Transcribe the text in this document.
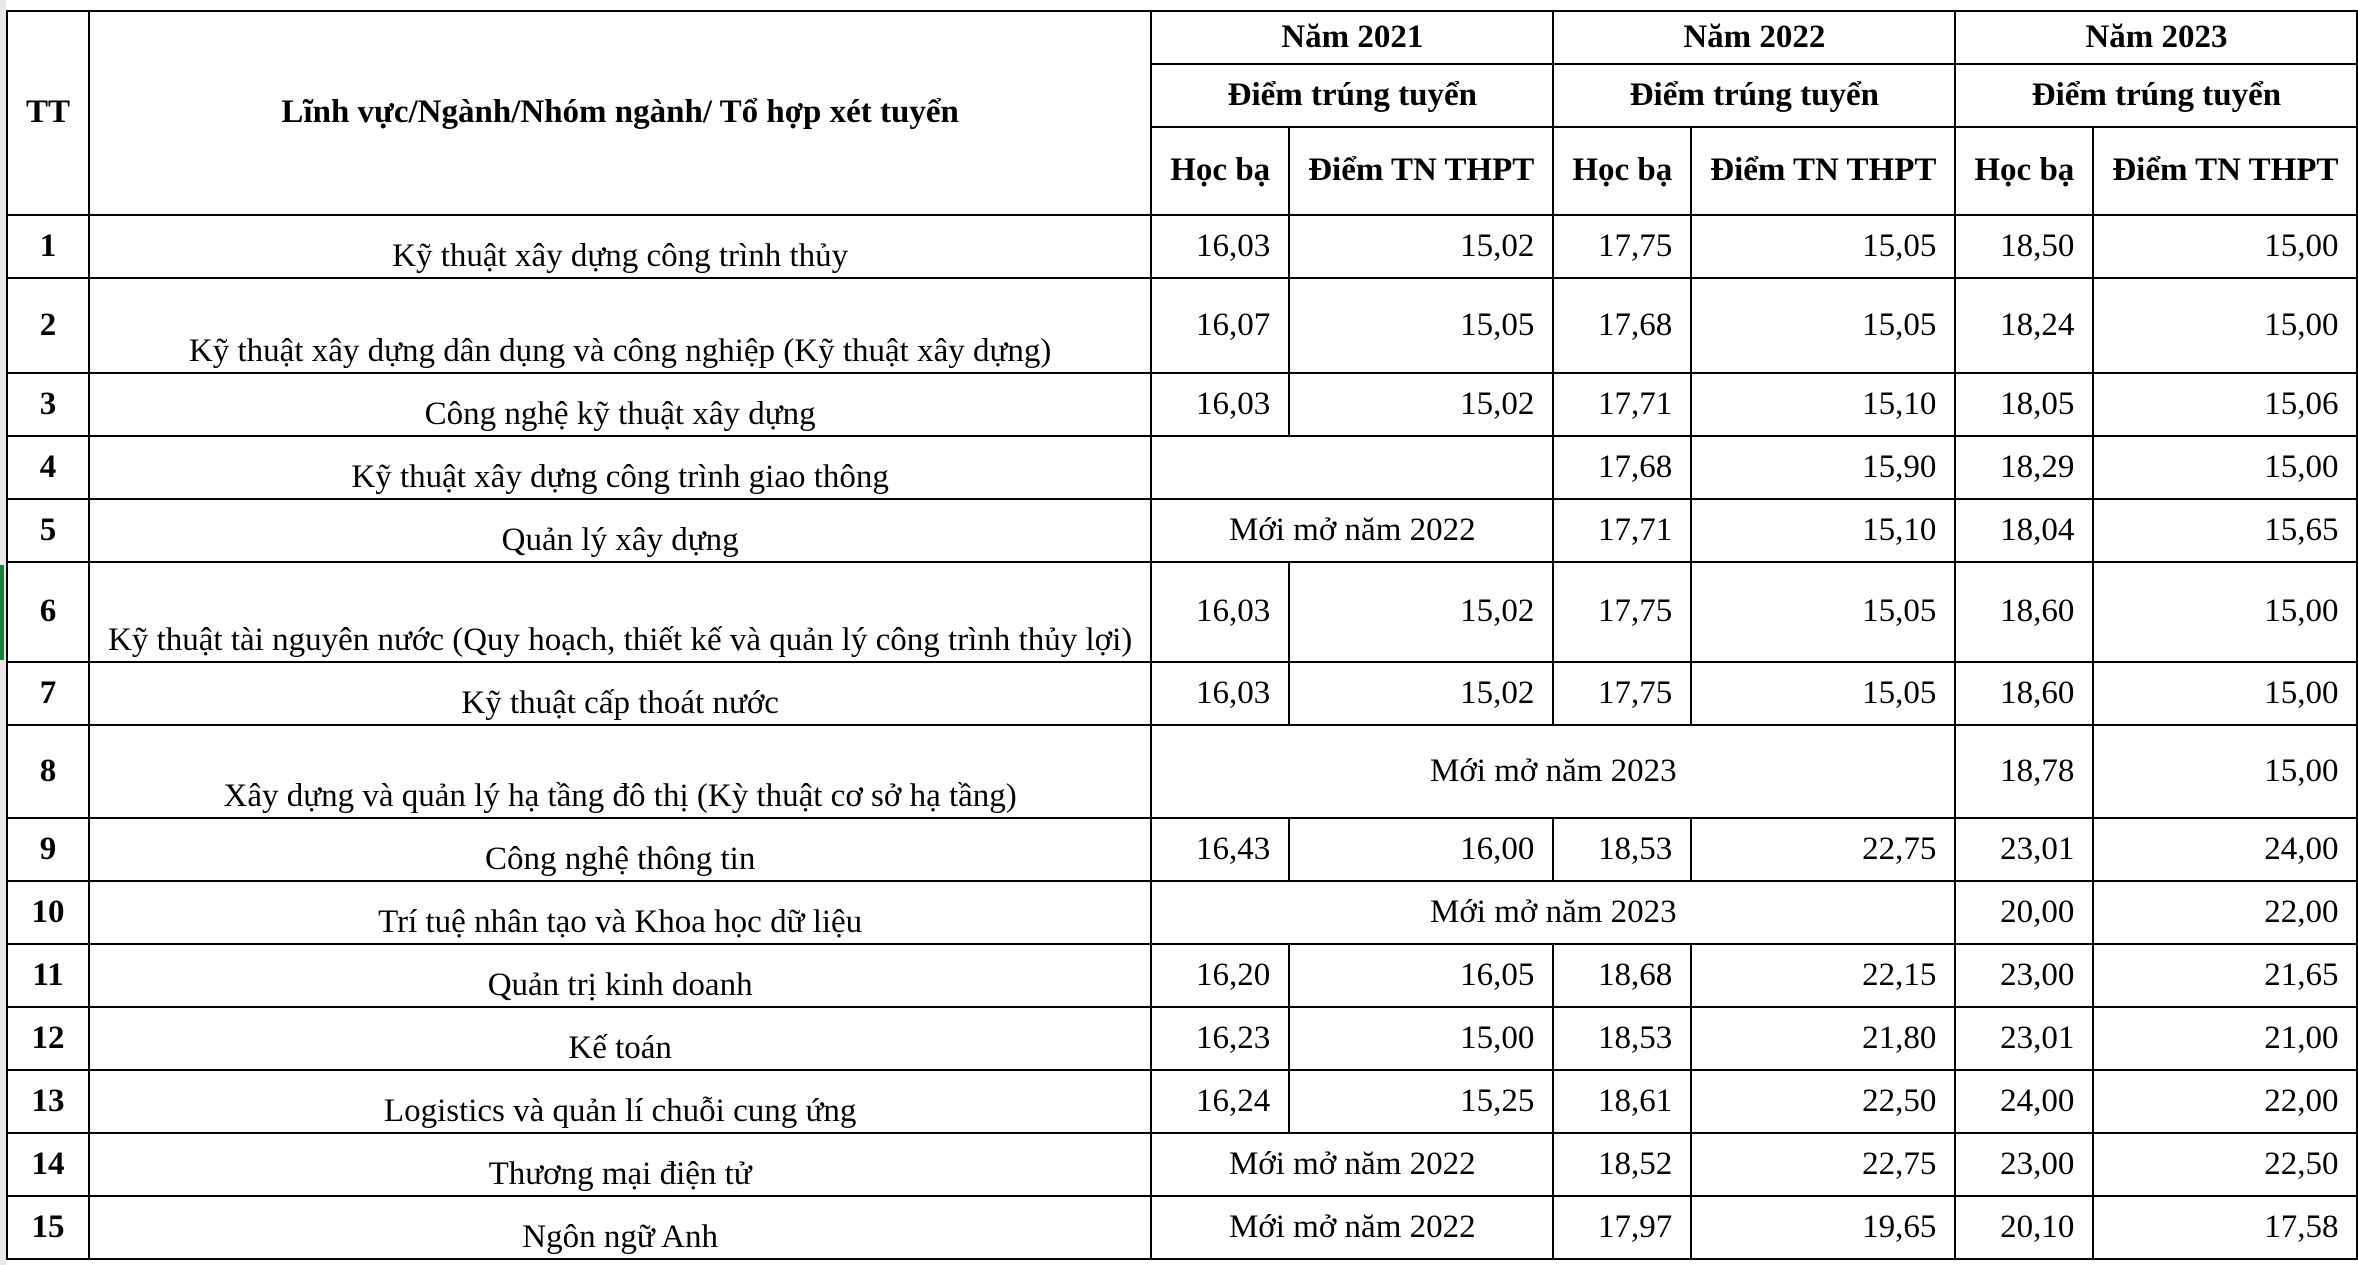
TT	Lĩnh vực/Ngành/Nhóm ngành/ Tổ hợp xét tuyển	Năm 2021		Năm 2022		Năm 2023	
		Điểm trúng tuyển		Điểm trúng tuyển		Điểm trúng tuyển	
		Học bạ	Điểm TN THPT	Học bạ	Điểm TN THPT	Học bạ	Điểm TN THPT
1	Kỹ thuật xây dựng công trình thủy	16,03	15,02	17,75	15,05	18,50	15,00
2	Kỹ thuật xây dựng dân dụng và công nghiệp (Kỹ thuật xây dựng)	16,07	15,05	17,68	15,05	18,24	15,00
3	Công nghệ kỹ thuật xây dựng	16,03	15,02	17,71	15,10	18,05	15,06
4	Kỹ thuật xây dựng công trình giao thông			17,68	15,90	18,29	15,00
5	Quản lý xây dựng	Mới mở năm 2022		17,71	15,10	18,04	15,65
6	Kỹ thuật tài nguyên nước (Quy hoạch, thiết kế và quản lý công trình thủy lợi)	16,03	15,02	17,75	15,05	18,60	15,00
7	Kỹ thuật cấp thoát nước	16,03	15,02	17,75	15,05	18,60	15,00
8	Xây dựng và quản lý hạ tầng đô thị (Kỳ thuật cơ sở hạ tầng)	Mới mở năm 2023				18,78	15,00
9	Công nghệ thông tin	16,43	16,00	18,53	22,75	23,01	24,00
10	Trí tuệ nhân tạo và Khoa học dữ liệu	Mới mở năm 2023				20,00	22,00
11	Quản trị kinh doanh	16,20	16,05	18,68	22,15	23,00	21,65
12	Kế toán	16,23	15,00	18,53	21,80	23,01	21,00
13	Logistics và quản lí chuỗi cung ứng	16,24	15,25	18,61	22,50	24,00	22,00
14	Thương mại điện tử	Mới mở năm 2022		18,52	22,75	23,00	22,50
15	Ngôn ngữ Anh	Mới mở năm 2022		17,97	19,65	20,10	17,58
